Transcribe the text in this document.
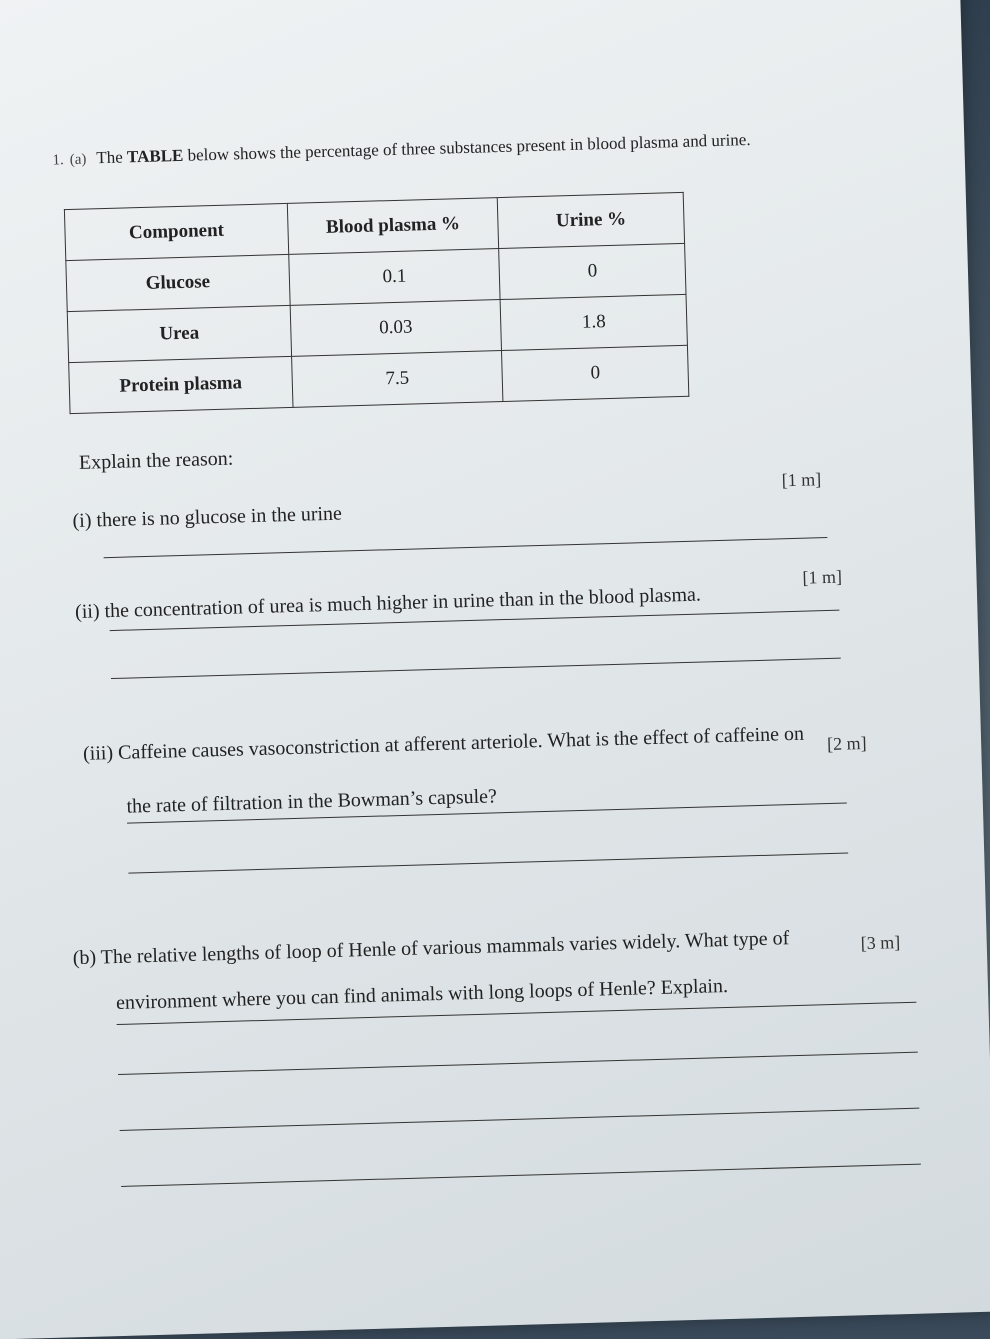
1. (a) The TABLE below shows the percentage of three substances present in blood plasma and urine.
Component	Blood plasma %	Urine %
Glucose	0.1	0
Urea	0.03	1.8
Protein plasma	7.5	0
Explain the reason:
(i) there is no glucose in the urine
[1 m]
(ii) the concentration of urea is much higher in urine than in the blood plasma.
[1 m]
(iii) Caffeine causes vasoconstriction at afferent arteriole. What is the effect of caffeine on [2 m]
the rate of filtration in the Bowman’s capsule?
(b) The relative lengths of loop of Henle of various mammals varies widely. What type of	[3 m]
environment where you can find animals with long loops of Henle? Explain.
